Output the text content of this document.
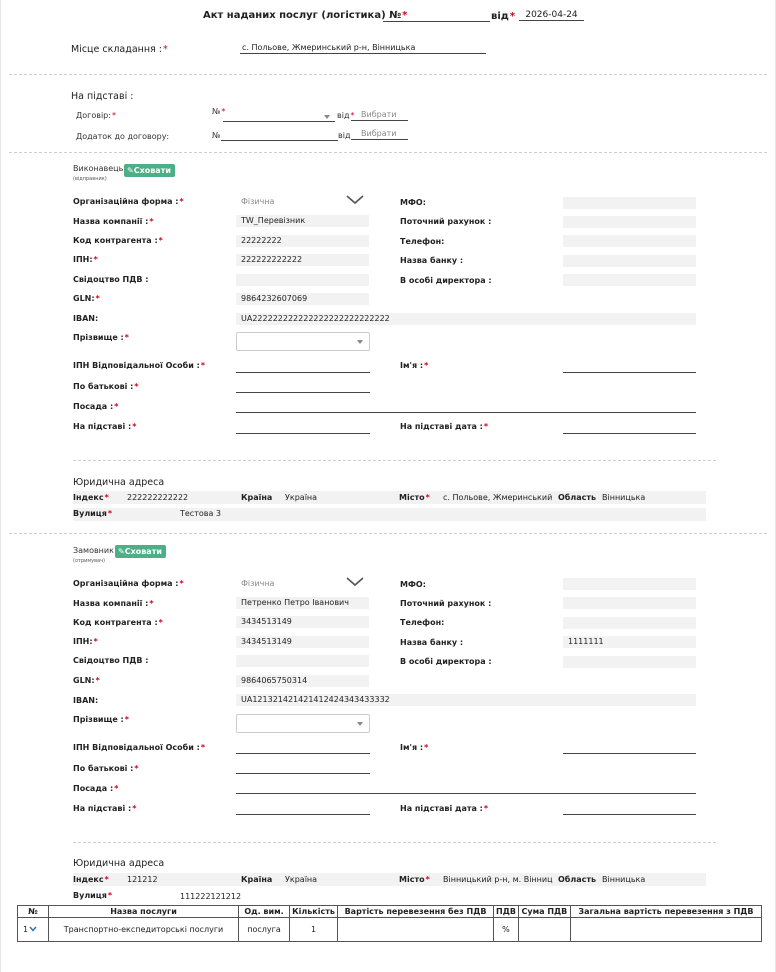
Акт наданих послуг (логістика) №*	від*	2026-04-24
Місце складання :*	с. Польове, Жмеринський р-н, Вінницька
На підставі :
Договір:*	№*	від* Вибрати
Додаток до договору:	№	від	Вибрати
Виконавець
(відправник)
✎Сховати
Організаційна форма :*	Фізична
Назва компанії :*	TW_Перевізник
Код контрагента :*	22222222
ІПН:*	222222222222
Свідоцтво ПДВ :
GLN:*	9864232607069
IBAN:	UA222222222222222222222222222
Прізвище :*
ІПН Відповідальної Особи :*
По батькові :*
Посада :*
На підставі :*
МФО:
Поточний рахунок :
Телефон:
Назва банку :
В особі директора :
Ім'я :*
На підставі дата :*
Юридична адреса
Індекс* 222222222222	Країна Україна	Місто* с. Польове, Жмеринський Область Вінницька
Вулиця*	Тестова 3
Замовник
(отримувач)
✎Сховати
Організаційна форма :*	Фізична
Назва компанії :*	Петренко Петро Іванович
Код контрагента :*	3434513149
ІПН:*	3434513149
Свідоцтво ПДВ :
GLN:*	9864065750314
IBAN:	UA121321421421412424343433332
Прізвище :*
ІПН Відповідальної Особи :*
По батькові :*
Посада :*
На підставі :*
МФО:
Поточний рахунок :
Телефон:
Назва банку :	1111111
В особі директора :
Ім'я :*
На підставі дата :*
Юридична адреса
Індекс* 121212	Країна Україна	Місто* Вінницький р-н, м. Вінниц Область Вінницька
Вулиця*	111222121212
№	Назва послуги	Од. вим.	Кількість	Вартість перевезення без ПДВ	ПДВ	Сума ПДВ	Загальна вартість перевезення з ПДВ
1	Транспортно-експедиторські послуги	послуга	1		%		
